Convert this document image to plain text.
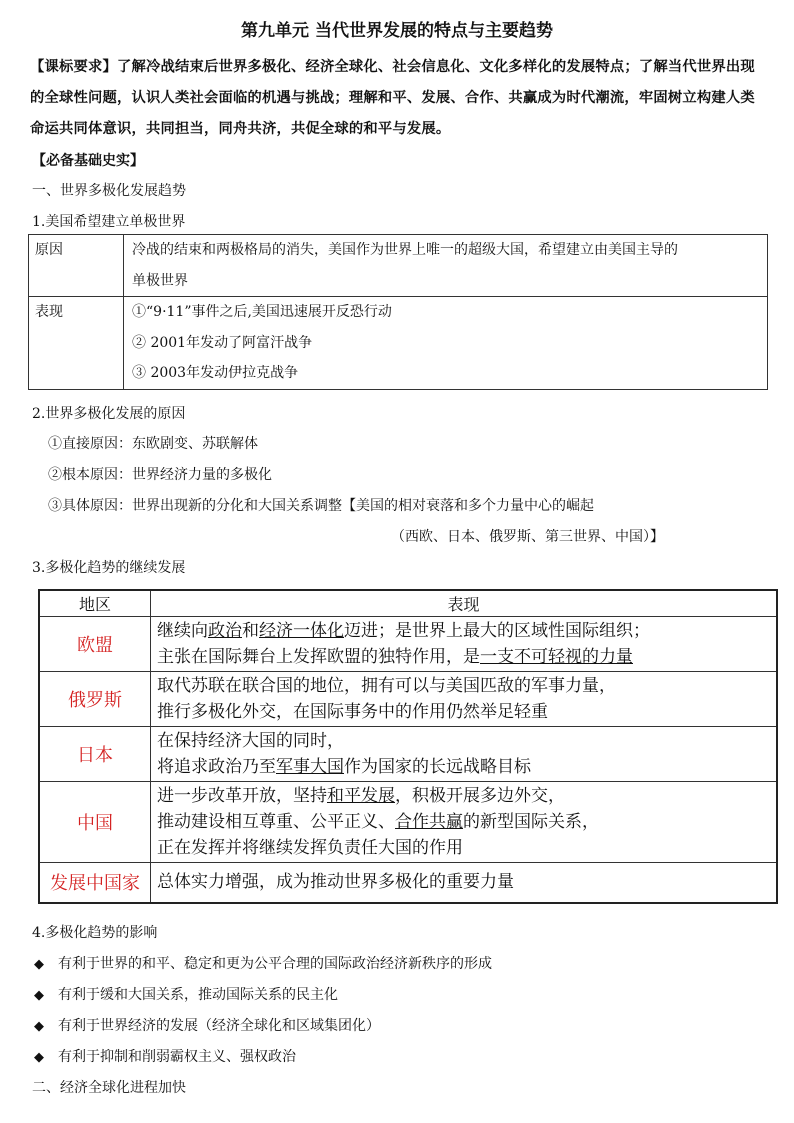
第九单元 当代世界发展的特点与主要趋势
【课标要求】了解冷战结束后世界多极化、经济全球化、社会信息化、文化多样化的发展特点；了解当代世界出现的全球性问题，认识人类社会面临的机遇与挑战；理解和平、发展、合作、共赢成为时代潮流，牢固树立构建人类命运共同体意识，共同担当，同舟共济，共促全球的和平与发展。
【必备基础史实】
一、世界多极化发展趋势
1.美国希望建立单极世界
原因	冷战的结束和两极格局的消失，美国作为世界上唯一的超级大国，希望建立由美国主导的
单极世界

表现	①“9·11”事件之后,美国迅速展开反恐行动
② 2001年发动了阿富汗战争
③ 2003年发动伊拉克战争
2.世界多极化发展的原因
①直接原因：东欧剧变、苏联解体
②根本原因：世界经济力量的多极化
③具体原因：世界出现新的分化和大国关系调整【美国的相对衰落和多个力量中心的崛起
（西欧、日本、俄罗斯、第三世界、中国）】
3.多极化趋势的继续发展
地区	表现
欧盟	继续向政治和经济一体化迈进；是世界上最大的区域性国际组织；
主张在国际舞台上发挥欧盟的独特作用，是一支不可轻视的力量

俄罗斯	取代苏联在联合国的地位，拥有可以与美国匹敌的军事力量，
推行多极化外交，在国际事务中的作用仍然举足轻重

日本	在保持经济大国的同时，
将追求政治乃至军事大国作为国家的长远战略目标

中国	进一步改革开放，坚持和平发展，积极开展多边外交，
推动建设相互尊重、公平正义、合作共赢的新型国际关系，
正在发挥并将继续发挥负责任大国的作用

发展中国家	总体实力增强，成为推动世界多极化的重要力量
4.多极化趋势的影响
◆ 有利于世界的和平、稳定和更为公平合理的国际政治经济新秩序的形成
◆ 有利于缓和大国关系，推动国际关系的民主化
◆ 有利于世界经济的发展（经济全球化和区域集团化）
◆ 有利于抑制和削弱霸权主义、强权政治
二、经济全球化进程加快
